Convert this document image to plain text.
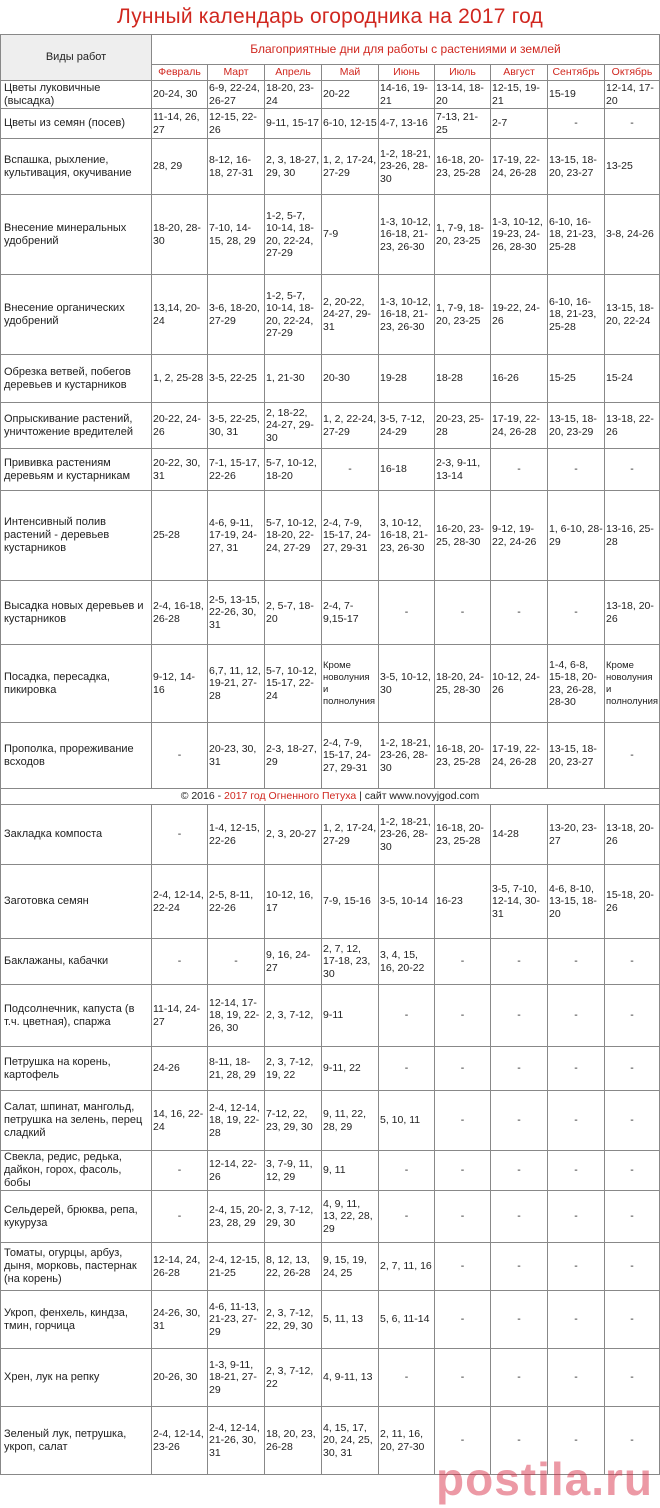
Лунный календарь огородника на 2017 год
Виды работ	Благоприятные дни для работы с растениями и землей								
	Февраль	Март	Апрель	Май	Июнь	Июль	Август	Сентябрь	Октябрь
Цветы луковичные (высадка)	20-24, 30	6-9, 22-24, 26-27	18-20, 23-24	20-22	14-16, 19-21	13-14, 18-20	12-15, 19-21	15-19	12-14, 17-20
Цветы из семян (посев)	11-14, 26, 27	12-15, 22-26	9-11, 15-17	6-10, 12-15	4-7, 13-16	7-13, 21-25	2-7	-	-
Вспашка, рыхление, культивация, окучивание	28, 29	8-12, 16-18, 27-31	2, 3, 18-27, 29, 30	1, 2, 17-24, 27-29	1-2, 18-21, 23-26, 28-30	16-18, 20-23, 25-28	17-19, 22-24, 26-28	13-15, 18-20, 23-27	13-25
Внесение минеральных удобрений	18-20, 28-30	7-10, 14-15, 28, 29	1-2, 5-7, 10-14, 18-20, 22-24, 27-29	7-9	1-3, 10-12, 16-18, 21-23, 26-30	1, 7-9, 18-20, 23-25	1-3, 10-12, 19-23, 24-26, 28-30	6-10, 16-18, 21-23, 25-28	3-8, 24-26
Внесение органических удобрений	13,14, 20-24	3-6, 18-20, 27-29	1-2, 5-7, 10-14, 18-20, 22-24, 27-29	2, 20-22, 24-27, 29-31	1-3, 10-12, 16-18, 21-23, 26-30	1, 7-9, 18-20, 23-25	19-22, 24-26	6-10, 16-18, 21-23, 25-28	13-15, 18-20, 22-24
Обрезка ветвей, побегов деревьев и кустарников	1, 2, 25-28	3-5, 22-25	1, 21-30	20-30	19-28	18-28	16-26	15-25	15-24
Опрыскивание растений, уничтожение вредителей	20-22, 24-26	3-5, 22-25, 30, 31	2, 18-22, 24-27, 29-30	1, 2, 22-24, 27-29	3-5, 7-12, 24-29	20-23, 25-28	17-19, 22-24, 26-28	13-15, 18-20, 23-29	13-18, 22-26
Прививка растениям деревьям и кустарникам	20-22, 30, 31	7-1, 15-17, 22-26	5-7, 10-12, 18-20	-	16-18	2-3, 9-11, 13-14	-	-	-
Интенсивный полив растений - деревьев кустарников	25-28	4-6, 9-11, 17-19, 24-27, 31	5-7, 10-12, 18-20, 22-24, 27-29	2-4, 7-9, 15-17, 24-27, 29-31	3, 10-12, 16-18, 21-23, 26-30	16-20, 23-25, 28-30	9-12, 19-22, 24-26	1, 6-10, 28-29	13-16, 25-28
Высадка новых деревьев и кустарников	2-4, 16-18, 26-28	2-5, 13-15, 22-26, 30, 31	2, 5-7, 18-20	2-4, 7-9,15-17	-	-	-	-	13-18, 20-26
Посадка, пересадка, пикировка	9-12, 14-16	6,7, 11, 12, 19-21, 27-28	5-7, 10-12, 15-17, 22-24	Кроме новолуния и полнолуния	3-5, 10-12, 30	18-20, 24-25, 28-30	10-12, 24-26	1-4, 6-8, 15-18, 20-23, 26-28, 28-30	Кроме новолуния и полнолуния
Прополка, прореживание всходов	-	20-23, 30, 31	2-3, 18-27, 29	2-4, 7-9, 15-17, 24-27, 29-31	1-2, 18-21, 23-26, 28-30	16-18, 20-23, 25-28	17-19, 22-24, 26-28	13-15, 18-20, 23-27	-
© 2016 - 2017 год Огненного Петуха | сайт www.novyjgod.com									
Закладка компоста	-	1-4, 12-15, 22-26	2, 3, 20-27	1, 2, 17-24, 27-29	1-2, 18-21, 23-26, 28-30	16-18, 20-23, 25-28	14-28	13-20, 23-27	13-18, 20-26
Заготовка семян	2-4, 12-14, 22-24	2-5, 8-11, 22-26	10-12, 16, 17	7-9, 15-16	3-5, 10-14	16-23	3-5, 7-10, 12-14, 30-31	4-6, 8-10, 13-15, 18-20	15-18, 20-26
Баклажаны, кабачки	-	-	9, 16, 24-27	2, 7, 12, 17-18, 23, 30	3, 4, 15, 16, 20-22	-	-	-	-
Подсолнечник, капуста (в т.ч. цветная), спаржа	11-14, 24-27	12-14, 17-18, 19, 22-26, 30	2, 3, 7-12,	9-11	-	-	-	-	-
Петрушка на корень, картофель	24-26	8-11, 18-21, 28, 29	2, 3, 7-12, 19, 22	9-11, 22	-	-	-	-	-
Салат, шпинат, мангольд, петрушка на зелень, перец сладкий	14, 16, 22-24	2-4, 12-14, 18, 19, 22-28	7-12, 22, 23, 29, 30	9, 11, 22, 28, 29	5, 10, 11	-	-	-	-
Свекла, редис, редька, дайкон, горох, фасоль, бобы	-	12-14, 22-26	3, 7-9, 11, 12, 29	9, 11	-	-	-	-	-
Сельдерей, брюква, репа, кукуруза	-	2-4, 15, 20- 23, 28, 29	2, 3, 7-12, 29, 30	4, 9, 11, 13, 22, 28, 29	-	-	-	-	-
Томаты, огурцы, арбуз, дыня, морковь, пастернак (на корень)	12-14, 24, 26-28	2-4, 12-15, 21-25	8, 12, 13, 22, 26-28	9, 15, 19, 24, 25	2, 7, 11, 16	-	-	-	-
Укроп, фенхель, киндза, тмин, горчица	24-26, 30, 31	4-6, 11-13, 21-23, 27-29	2, 3, 7-12, 22, 29, 30	5, 11, 13	5, 6, 11-14	-	-	-	-
Хрен, лук на репку	20-26, 30	1-3, 9-11, 18-21, 27-29	2, 3, 7-12, 22	4, 9-11, 13	-	-	-	-	-
Зеленый лук, петрушка, укроп, салат	2-4, 12-14, 23-26	2-4, 12-14, 21-26, 30, 31	18, 20, 23, 26-28	4, 15, 17, 20, 24, 25, 30, 31	2, 11, 16, 20, 27-30	-	-	-	-
postila.ru
